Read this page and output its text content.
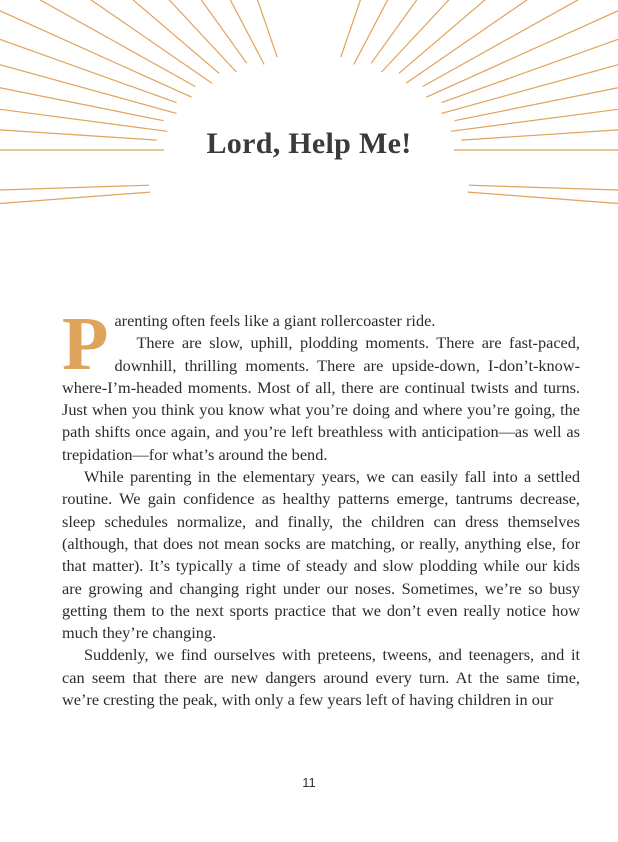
Lord, Help Me!

P arenting often feels like a giant rollercoaster ride.
There are slow, uphill, plodding moments. There are fast-paced, downhill, thrilling moments. There are upside-down, I-don’t-know-where-I’m-headed moments. Most of all, there are continual twists and turns. Just when you think you know what you’re doing and where you’re going, the path shifts once again, and you’re left breathless with anticipation—as well as trepidation—for what’s around the bend.

While parenting in the elementary years, we can easily fall into a settled routine. We gain confidence as healthy patterns emerge, tantrums decrease, sleep schedules normalize, and finally, the children can dress themselves (although, that does not mean socks are matching, or really, anything else, for that matter). It’s typically a time of steady and slow plodding while our kids are growing and changing right under our noses. Sometimes, we’re so busy getting them to the next sports practice that we don’t even really notice how much they’re changing.

Suddenly, we find ourselves with preteens, tweens, and teenagers, and it can seem that there are new dangers around every turn. At the same time, we’re cresting the peak, with only a few years left of having children in our

11
